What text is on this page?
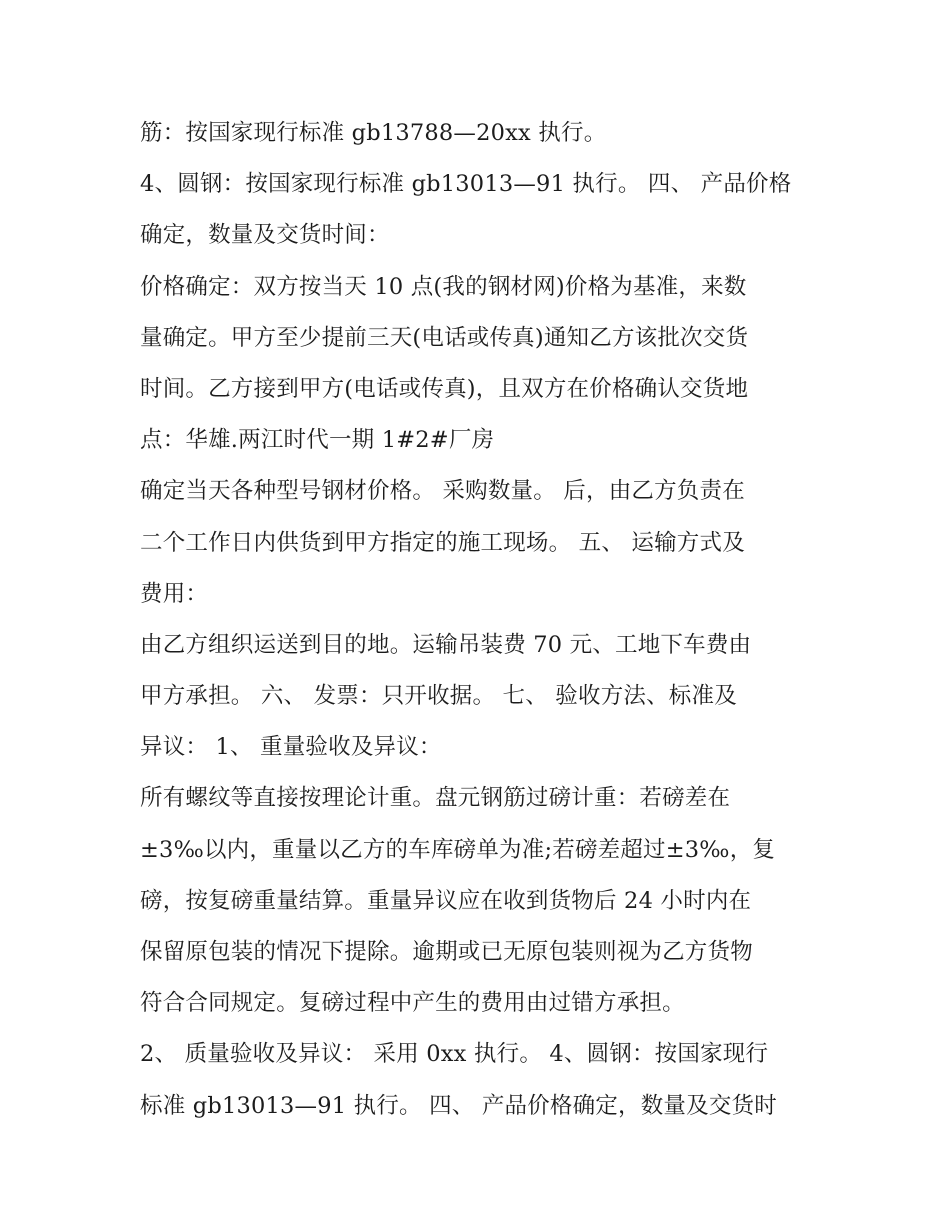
筋：按国家现行标准 gb13788—20xx 执行。
4、圆钢：按国家现行标准 gb13013—91 执行。 四、 产品价格
确定，数量及交货时间：
价格确定：双方按当天 10 点(我的钢材网)价格为基准，来数
量确定。甲方至少提前三天(电话或传真)通知乙方该批次交货
时间。乙方接到甲方(电话或传真)，且双方在价格确认交货地
点：华雄.两江时代一期 1#2#厂房
确定当天各种型号钢材价格。 采购数量。 后，由乙方负责在
二个工作日内供货到甲方指定的施工现场。 五、 运输方式及
费用：
由乙方组织运送到目的地。运输吊装费 70 元、工地下车费由
甲方承担。 六、 发票：只开收据。 七、 验收方法、标准及
异议： 1、 重量验收及异议：
所有螺纹等直接按理论计重。盘元钢筋过磅计重：若磅差在
±3‰以内，重量以乙方的车库磅单为准;若磅差超过±3‰，复
磅，按复磅重量结算。重量异议应在收到货物后 24 小时内在
保留原包装的情况下提除。逾期或已无原包装则视为乙方货物
符合合同规定。复磅过程中产生的费用由过错方承担。
2、 质量验收及异议： 采用 0xx 执行。 4、圆钢：按国家现行
标准 gb13013—91 执行。 四、 产品价格确定，数量及交货时
